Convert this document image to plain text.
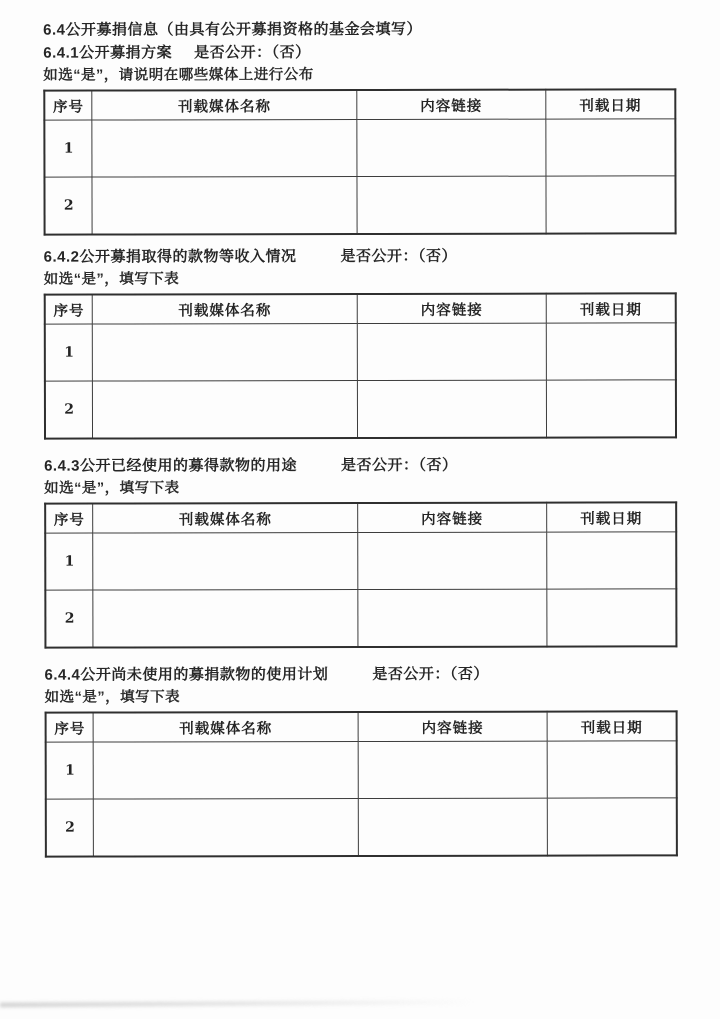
6.4公开募捐信息（由具有公开募捐资格的基金会填写）
6.4.1公开募捐方案 是否公开：（否）
如选“是”，请说明在哪些媒体上进行公布
序号	刊载媒体名称	内容链接	刊载日期
1			
2			
6.4.2公开募捐取得的款物等收入情况	是否公开：（否）
如选“是”，填写下表
序号	刊载媒体名称	内容链接	刊载日期
1			
2			
6.4.3公开已经使用的募得款物的用途	是否公开：（否）
如选“是”，填写下表
序号	刊载媒体名称	内容链接	刊载日期
1			
2			
6.4.4公开尚未使用的募捐款物的使用计划	是否公开：（否）
如选“是”，填写下表
序号	刊载媒体名称	内容链接	刊载日期
1			
2			
